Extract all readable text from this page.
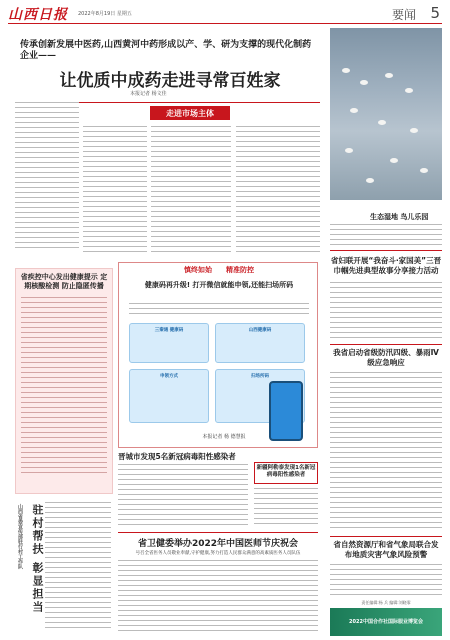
山西日报 2022年8月19日 星期五	要闻 5
传承创新发展中医药,山西黄河中药形成以产、学、研为支撑的现代化制药企业——
让优质中成药走进寻常百姓家
本报记者 杨文佳
走进市场主体
生态湿地 鸟儿乐园
省妇联开展“我奋斗·家国美”三晋巾帼先进典型故事分享接力活动
我省启动省级防汛四级、暴雨Ⅳ级应急响应
省自然资源厅和省气象局联合发布地质灾害气象风险预警
省疾控中心发出健康提示 定期核酸检测 防止隐匿传播
慎终如始 精准防控
健康码再升级! 打开微信就能申领,还能扫场所码
三秦通 健康码	山西健康码
申领方式	扫场所码
本报记者 杨 德慧报
晋城市发现5名新冠病毒阳性感染者
新疆阿勒泰发现1名新冠病毒阳性感染者
省卫健委举办2022年中国医师节庆祝会
号召全省医务人员敬业奉献,守护健康,努力打造人民群众满意的高素质医务人员队伍
驻村帮扶 彰显担当
山西省委宣传部驻行村工作队
责任编辑:杨 兵 编辑:刘晓霏
2022中国合作社国际服业博览会
